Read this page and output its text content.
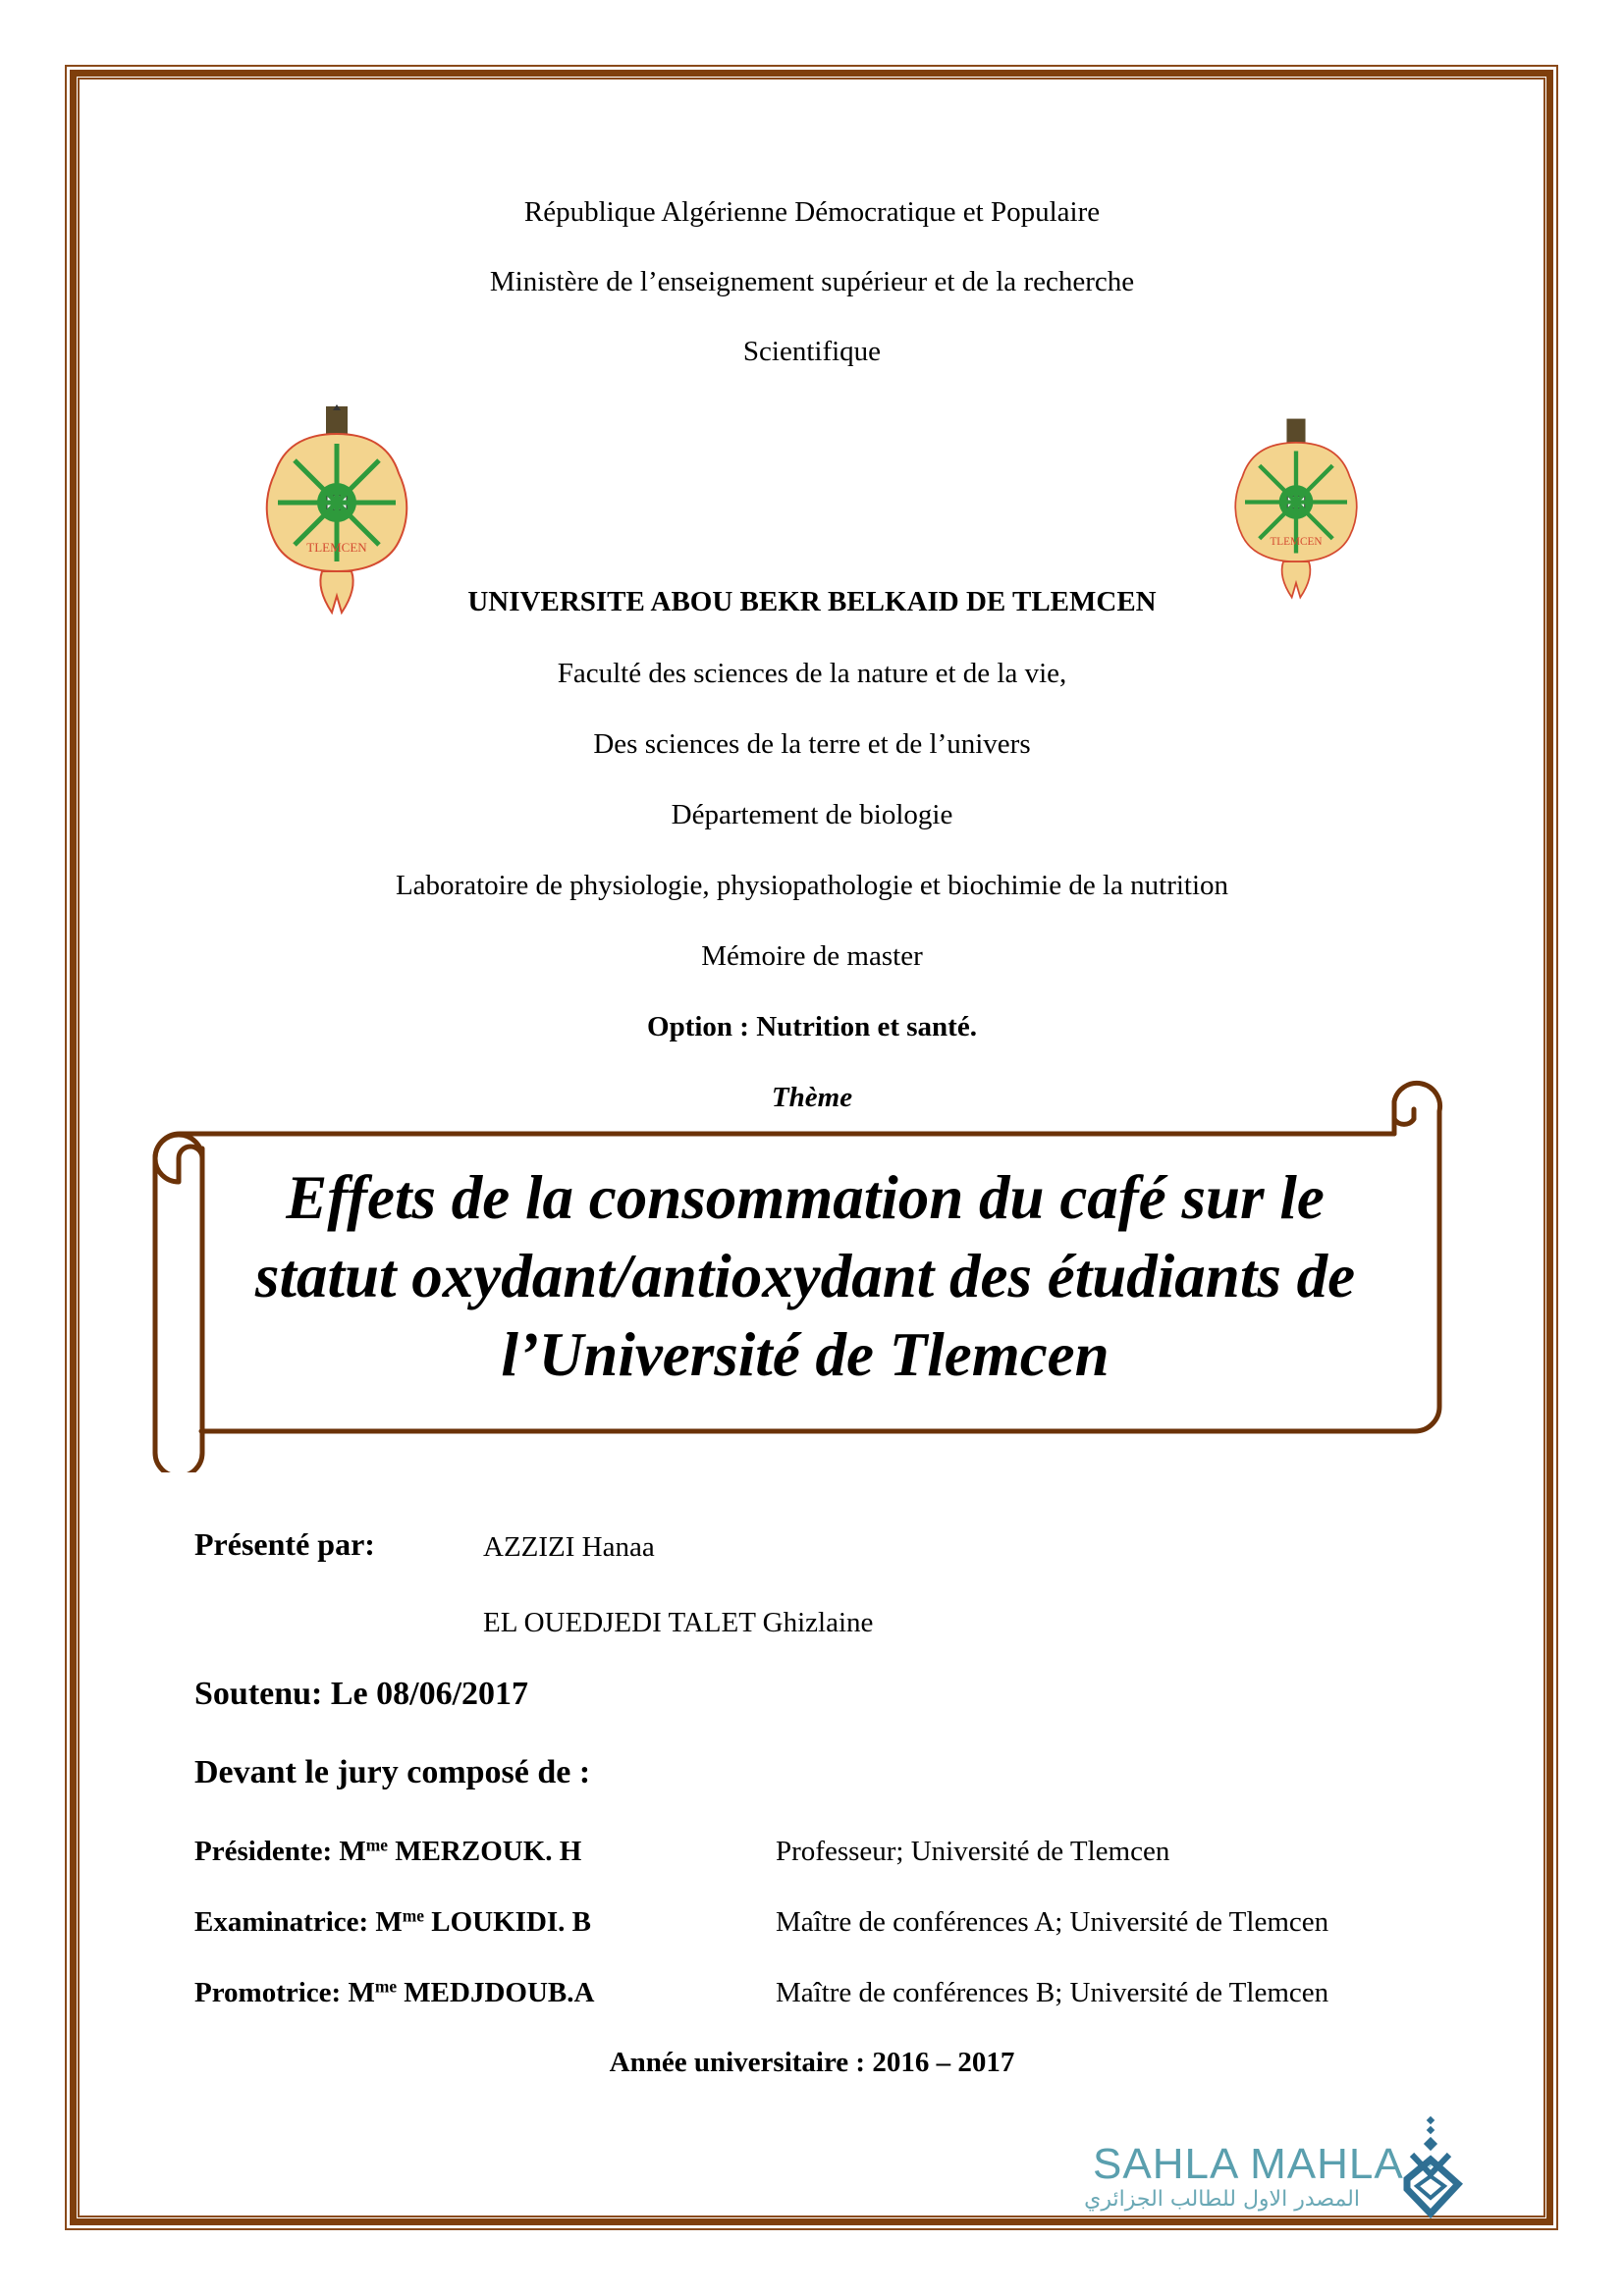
République Algérienne Démocratique et Populaire
Ministère de l’enseignement supérieur et de la recherche
Scientifique
TLEMCEN	TLEMCEN
UNIVERSITE ABOU BEKR BELKAID DE TLEMCEN
Faculté des sciences de la nature et de la vie,
Des sciences de la terre et de l’univers
Département de biologie
Laboratoire de physiologie, physiopathologie et biochimie de la nutrition
Mémoire de master
Option : Nutrition et santé.
Thème
Effets de la consommation du café sur le
statut oxydant/antioxydant des étudiants de
l’Université de Tlemcen
Présenté par:	AZZIZI Hanaa
EL OUEDJEDI TALET Ghizlaine
Soutenu: Le 08/06/2017
Devant le jury composé de :
Présidente: $M^{me}$ MERZOUK. H	Professeur; Université de Tlemcen
Examinatrice: $M^{me}$ LOUKIDI. B	Maître de conférences A; Université de Tlemcen
Promotrice: $M^{me}$ MEDJDOUB.A	Maître de conférences B; Université de Tlemcen
Année universitaire : 2016 – 2017
SAHLA MAHLA
المصدر الاول للطالب الجزائري
